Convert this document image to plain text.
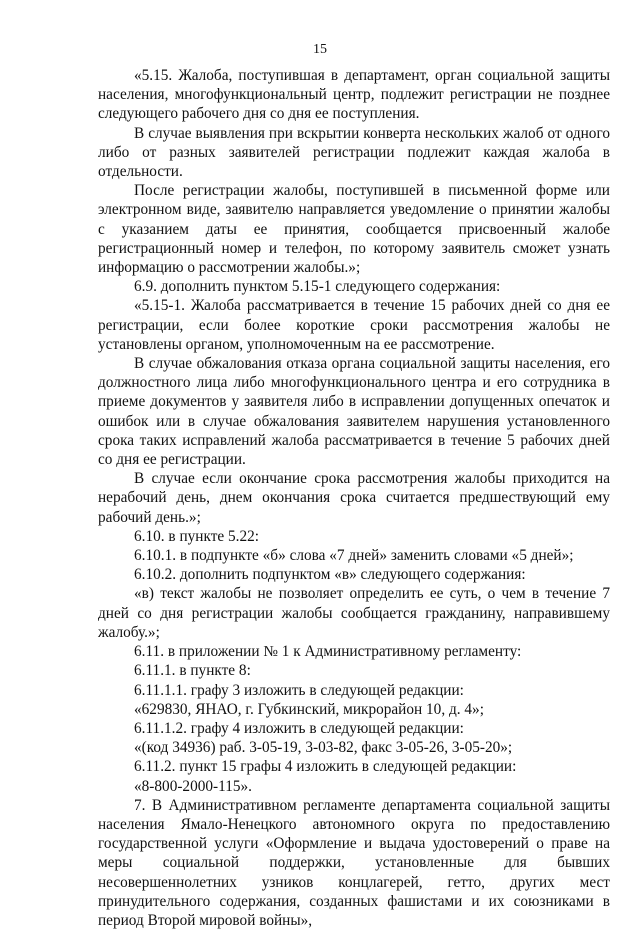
15

«5.15. Жалоба, поступившая в департамент, орган социальной защиты населения, многофункциональный центр, подлежит регистрации не позднее следующего рабочего дня со дня ее поступления.

В случае выявления при вскрытии конверта нескольких жалоб от одного либо от разных заявителей регистрации подлежит каждая жалоба в отдельности.

После регистрации жалобы, поступившей в письменной форме или электронном виде, заявителю направляется уведомление о принятии жалобы с указанием даты ее принятия, сообщается присвоенный жалобе регистрационный номер и телефон, по которому заявитель сможет узнать информацию о рассмотрении жалобы.»;

6.9. дополнить пунктом 5.15-1 следующего содержания:

«5.15-1. Жалоба рассматривается в течение 15 рабочих дней со дня ее регистрации, если более короткие сроки рассмотрения жалобы не установлены органом, уполномоченным на ее рассмотрение.

В случае обжалования отказа органа социальной защиты населения, его должностного лица либо многофункционального центра и его сотрудника в приеме документов у заявителя либо в исправлении допущенных опечаток и ошибок или в случае обжалования заявителем нарушения установленного срока таких исправлений жалоба рассматривается в течение 5 рабочих дней со дня ее регистрации.

В случае если окончание срока рассмотрения жалобы приходится на нерабочий день, днем окончания срока считается предшествующий ему рабочий день.»;

6.10. в пункте 5.22:

6.10.1. в подпункте «б» слова «7 дней» заменить словами «5 дней»;

6.10.2. дополнить подпунктом «в» следующего содержания:

«в) текст жалобы не позволяет определить ее суть, о чем в течение 7 дней со дня регистрации жалобы сообщается гражданину, направившему жалобу.»;

6.11. в приложении № 1 к Административному регламенту:

6.11.1. в пункте 8:

6.11.1.1. графу 3 изложить в следующей редакции:

«629830, ЯНАО, г. Губкинский, микрорайон 10, д. 4»;

6.11.1.2. графу 4 изложить в следующей редакции:

«(код 34936) раб. 3-05-19, 3-03-82, факс 3-05-26, 3-05-20»;

6.11.2. пункт 15 графы 4 изложить в следующей редакции:

«8-800-2000-115».

7. В Административном регламенте департамента социальной защиты населения Ямало-Ненецкого автономного округа по предоставлению государственной услуги «Оформление и выдача удостоверений о праве на меры социальной поддержки, установленные для бывших несовершеннолетних узников концлагерей, гетто, других мест принудительного содержания, созданных фашистами и их союзниками в период Второй мировой войны»,
